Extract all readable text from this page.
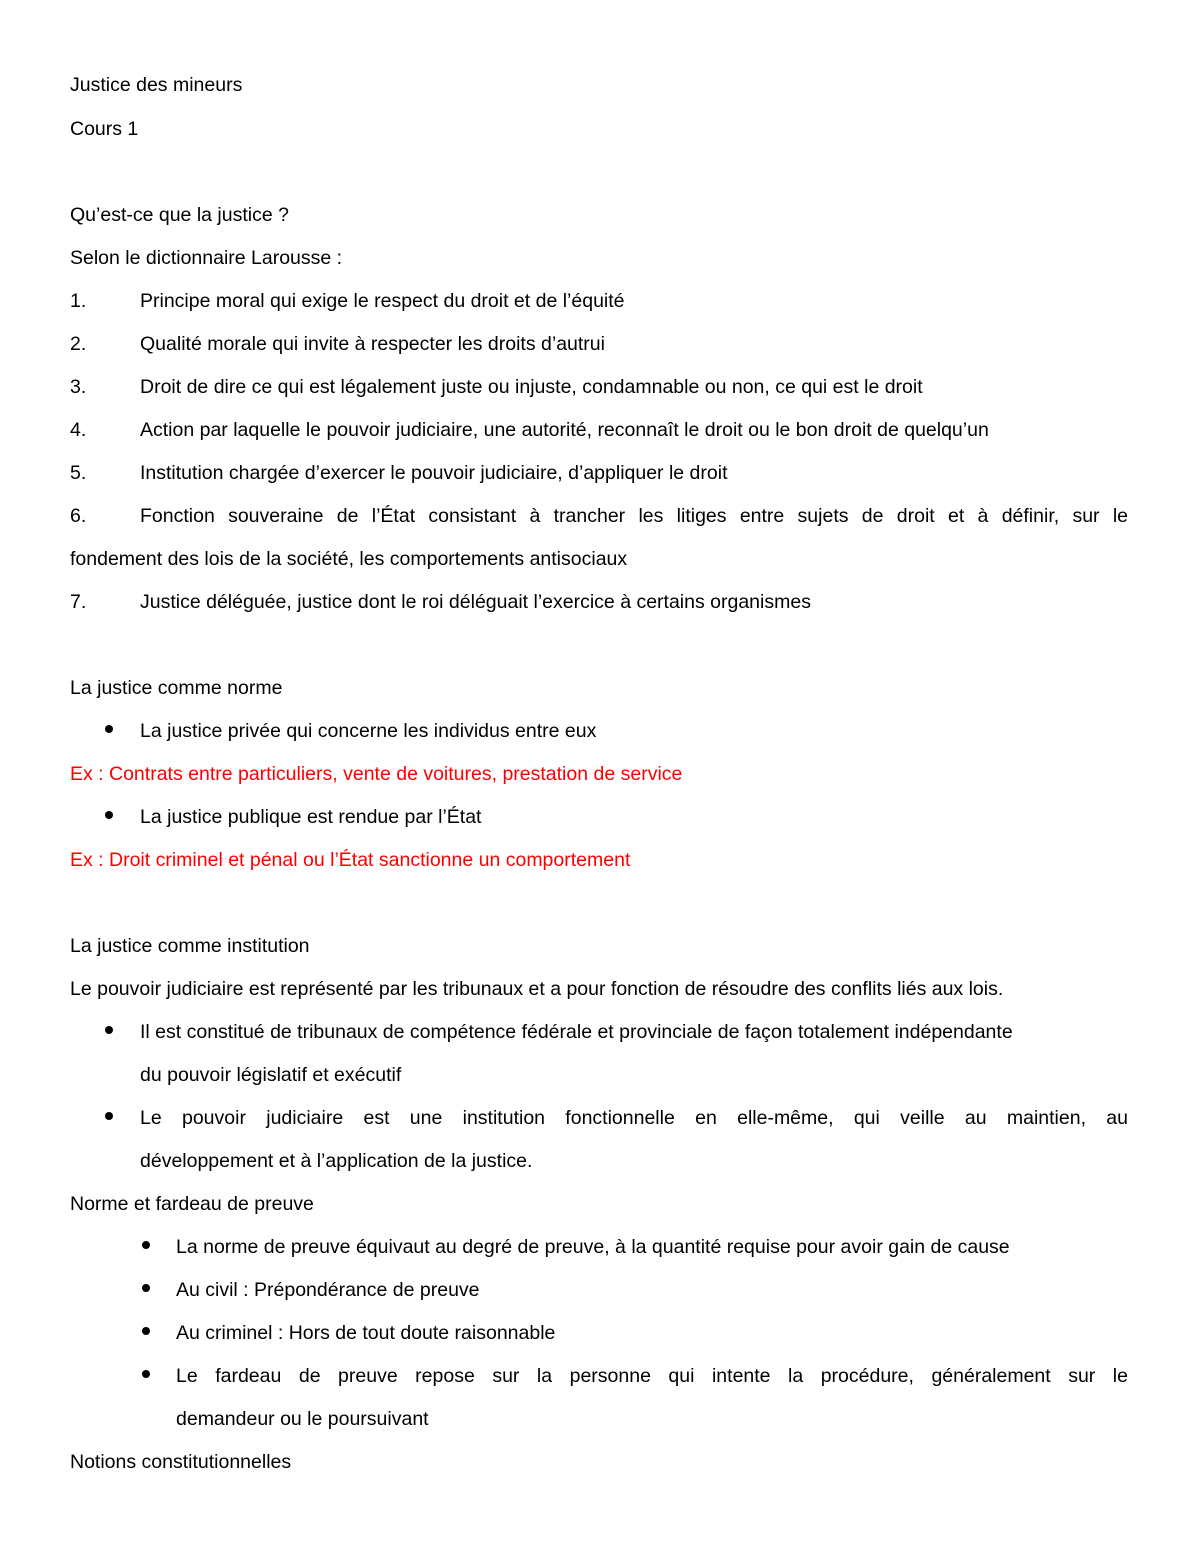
Justice des mineurs
Cours 1
Qu’est-ce que la justice ?
Selon le dictionnaire Larousse :
1.	Principe moral qui exige le respect du droit et de l’équité
2.	Qualité morale qui invite à respecter les droits d’autrui
3.	Droit de dire ce qui est légalement juste ou injuste, condamnable ou non, ce qui est le droit
4.	Action par laquelle le pouvoir judiciaire, une autorité, reconnaît le droit ou le bon droit de quelqu’un
5.	Institution chargée d’exercer le pouvoir judiciaire, d’appliquer le droit
6.	Fonction souveraine de l’État consistant à trancher les litiges entre sujets de droit et à définir, sur le
fondement des lois de la société, les comportements antisociaux
7.	Justice déléguée, justice dont le roi déléguait l’exercice à certains organismes
La justice comme norme
La justice privée qui concerne les individus entre eux
Ex : Contrats entre particuliers, vente de voitures, prestation de service
La justice publique est rendue par l’État
Ex : Droit criminel et pénal ou l’État sanctionne un comportement
La justice comme institution
Le pouvoir judiciaire est représenté par les tribunaux et a pour fonction de résoudre des conflits liés aux lois.
Il est constitué de tribunaux de compétence fédérale et provinciale de façon totalement indépendante
du pouvoir législatif et exécutif
Le pouvoir judiciaire est une institution fonctionnelle en elle-même, qui veille au maintien, au
développement et à l’application de la justice.
Norme et fardeau de preuve
La norme de preuve équivaut au degré de preuve, à la quantité requise pour avoir gain de cause
Au civil : Prépondérance de preuve
Au criminel : Hors de tout doute raisonnable
Le fardeau de preuve repose sur la personne qui intente la procédure, généralement sur le
demandeur ou le poursuivant
Notions constitutionnelles
